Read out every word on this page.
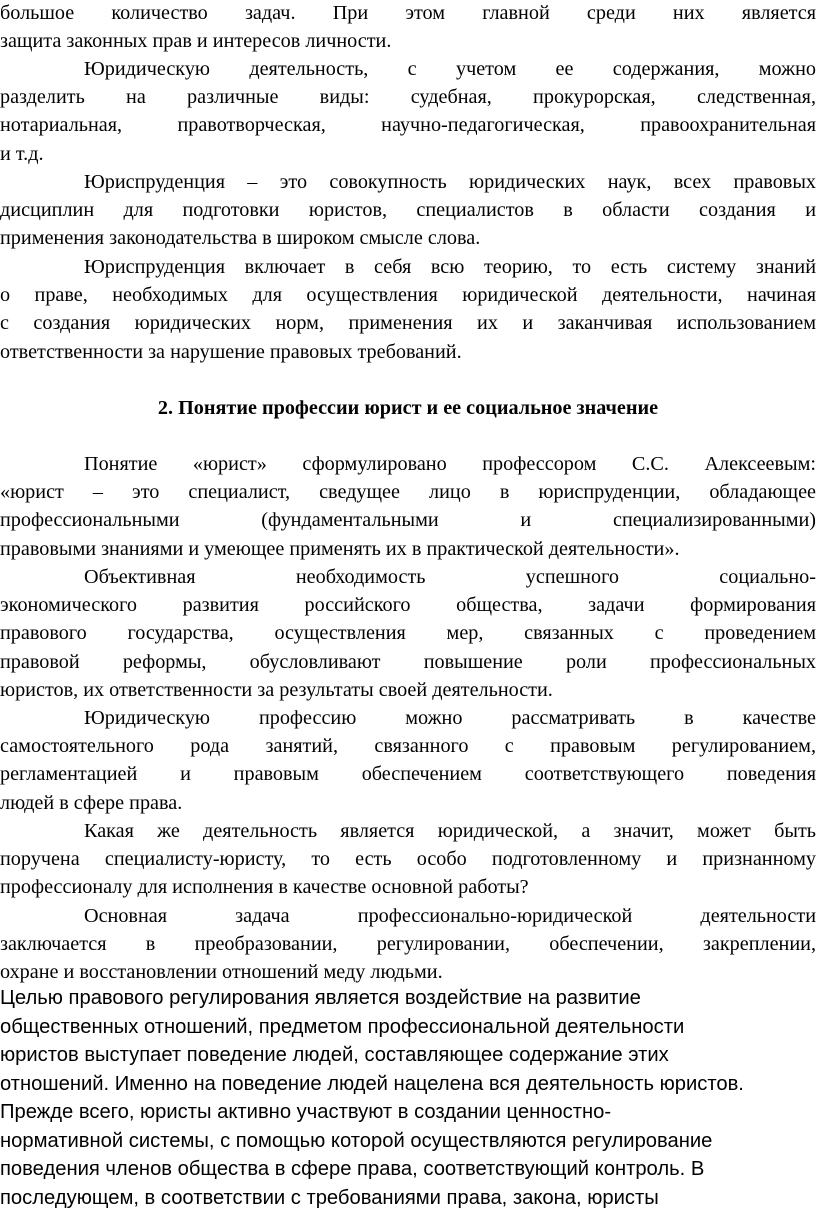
большое количество задач. При этом главной среди них является
защита законных прав и интересов личности.
Юридическую деятельность, с учетом ее содержания, можно
разделить на различные виды: судебная, прокурорская, следственная,
нотариальная, правотворческая, научно-педагогическая, правоохранительная
и т.д.
Юриспруденция – это совокупность юридических наук, всех правовых
дисциплин для подготовки юристов, специалистов в области создания и
применения законодательства в широком смысле слова.
Юриспруденция включает в себя всю теорию, то есть систему знаний
о праве, необходимых для осуществления юридической деятельности, начиная
с создания юридических норм, применения их и заканчивая использованием
ответственности за нарушение правовых требований.
2. Понятие профессии юрист и ее социальное значение
Понятие «юрист» сформулировано профессором С.С. Алексеевым:
«юрист – это специалист, сведущее лицо в юриспруденции, обладающее
профессиональными (фундаментальными и специализированными)
правовыми знаниями и умеющее применять их в практической деятельности».
Объективная необходимость успешного социально-
экономического развития российского общества, задачи формирования
правового государства, осуществления мер, связанных с проведением
правовой реформы, обусловливают повышение роли профессиональных
юристов, их ответственности за результаты своей деятельности.
Юридическую профессию можно рассматривать в качестве
самостоятельного рода занятий, связанного с правовым регулированием,
регламентацией и правовым обеспечением соответствующего поведения
людей в сфере права.
Какая же деятельность является юридической, а значит, может быть
поручена специалисту-юристу, то есть особо подготовленному и признанному
профессионалу для исполнения в качестве основной работы?
Основная задача профессионально-юридической деятельности
заключается в преобразовании, регулировании, обеспечении, закреплении,
охране и восстановлении отношений меду людьми.
Целью правового регулирования является воздействие на развитие
общественных отношений, предметом профессиональной деятельности
юристов выступает поведение людей, составляющее содержание этих
отношений. Именно на поведение людей нацелена вся деятельность юристов.
Прежде всего, юристы активно участвуют в создании ценностно-
нормативной системы, с помощью которой осуществляются регулирование
поведения членов общества в сфере права, соответствующий контроль. В
последующем, в соответствии с требованиями права, закона, юристы
